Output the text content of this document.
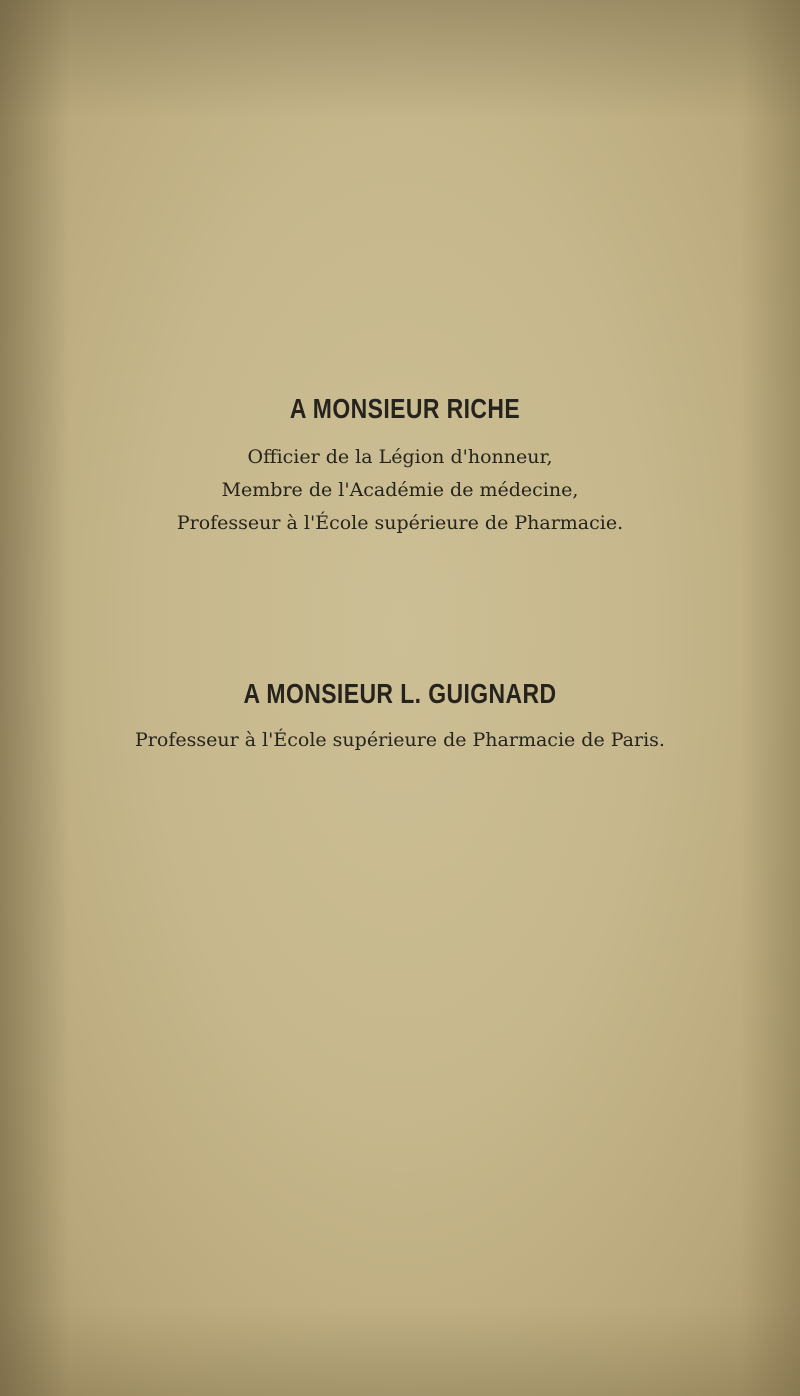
A MONSIEUR RICHE
Officier de la Légion d'honneur,
Membre de l'Académie de médecine,
Professeur à l'École supérieure de Pharmacie.
A MONSIEUR L. GUIGNARD
Professeur à l'École supérieure de Pharmacie de Paris.
